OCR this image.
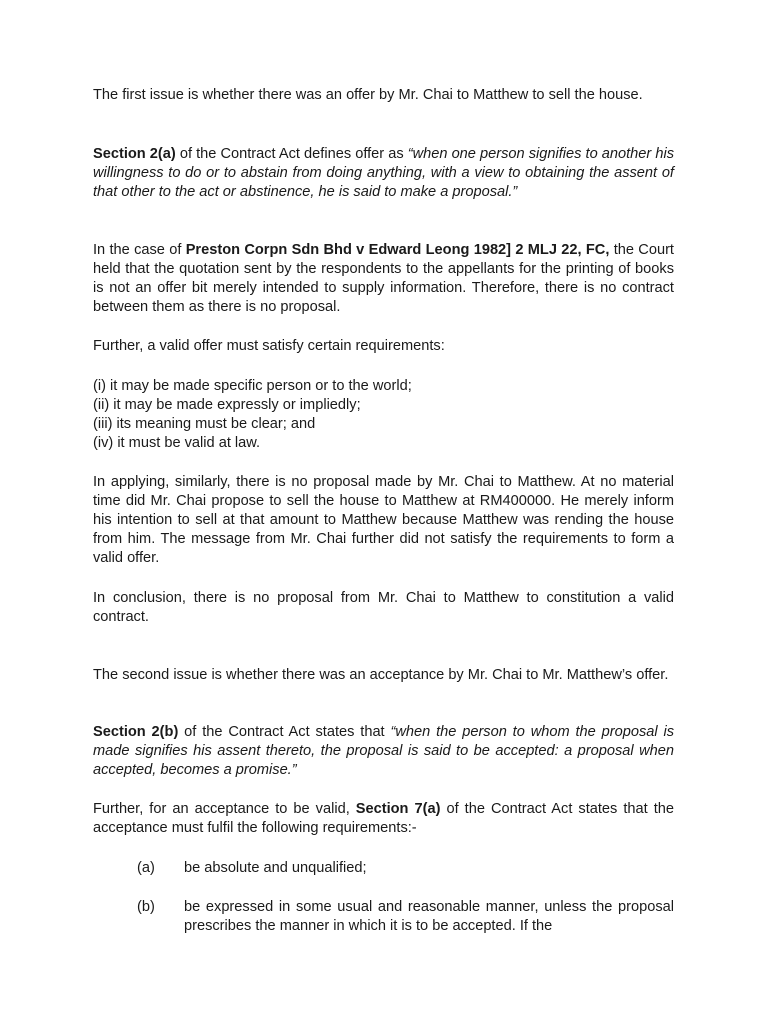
The first issue is whether there was an offer by Mr. Chai to Matthew to sell the house.

Section 2(a) of the Contract Act defines offer as “when one person signifies to another his willingness to do or to abstain from doing anything, with a view to obtaining the assent of that other to the act or abstinence, he is said to make a proposal.”

In the case of Preston Corpn Sdn Bhd v Edward Leong 1982] 2 MLJ 22, FC, the Court held that the quotation sent by the respondents to the appellants for the printing of books is not an offer bit merely intended to supply information. Therefore, there is no contract between them as there is no proposal.

Further, a valid offer must satisfy certain requirements:

(i) it may be made specific person or to the world;
(ii) it may be made expressly or impliedly;
(iii) its meaning must be clear; and
(iv) it must be valid at law.

In applying, similarly, there is no proposal made by Mr. Chai to Matthew. At no material time did Mr. Chai propose to sell the house to Matthew at RM400000. He merely inform his intention to sell at that amount to Matthew because Matthew was rending the house from him. The message from Mr. Chai further did not satisfy the requirements to form a valid offer.

In conclusion, there is no proposal from Mr. Chai to Matthew to constitution a valid contract.

The second issue is whether there was an acceptance by Mr. Chai to Mr. Matthew’s offer.

Section 2(b) of the Contract Act states that “when the person to whom the proposal is made signifies his assent thereto, the proposal is said to be accepted: a proposal when accepted, becomes a promise.”

Further, for an acceptance to be valid, Section 7(a) of the Contract Act states that the acceptance must fulfil the following requirements:-

(a)	be absolute and unqualified;
(b)	be expressed in some usual and reasonable manner, unless the proposal prescribes the manner in which it is to be accepted. If the
